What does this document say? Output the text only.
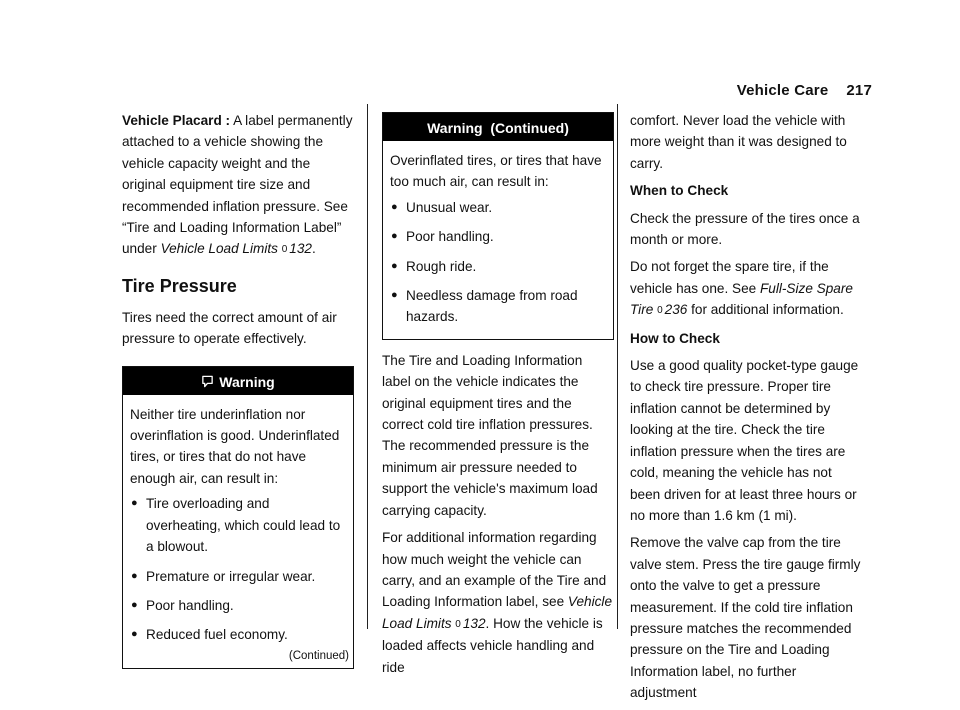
Vehicle Care 217

Vehicle Placard : A label permanently attached to a vehicle showing the vehicle capacity weight and the original equipment tire size and recommended inflation pressure. See “Tire and Loading Information Label” under Vehicle Load Limits 0 132.

Tire Pressure

Tires need the correct amount of air pressure to operate effectively.

Warning
Neither tire underinflation nor overinflation is good. Underinflated tires, or tires that do not have enough air, can result in:
● Tire overloading and overheating, which could lead to a blowout.
● Premature or irregular wear.
● Poor handling.
● Reduced fuel economy.
(Continued)
Warning  (Continued)
Overinflated tires, or tires that have too much air, can result in:
● Unusual wear.
● Poor handling.
● Rough ride.
● Needless damage from road hazards.

The Tire and Loading Information label on the vehicle indicates the original equipment tires and the correct cold tire inflation pressures. The recommended pressure is the minimum air pressure needed to support the vehicle's maximum load carrying capacity.

For additional information regarding how much weight the vehicle can carry, and an example of the Tire and Loading Information label, see Vehicle Load Limits 0 132. How the vehicle is loaded affects vehicle handling and ride

comfort. Never load the vehicle with more weight than it was designed to carry.

When to Check

Check the pressure of the tires once a month or more.

Do not forget the spare tire, if the vehicle has one. See Full-Size Spare Tire 0 236 for additional information.

How to Check

Use a good quality pocket-type gauge to check tire pressure. Proper tire inflation cannot be determined by looking at the tire. Check the tire inflation pressure when the tires are cold, meaning the vehicle has not been driven for at least three hours or no more than 1.6 km (1 mi).

Remove the valve cap from the tire valve stem. Press the tire gauge firmly onto the valve to get a pressure measurement. If the cold tire inflation pressure matches the recommended pressure on the Tire and Loading Information label, no further adjustment
